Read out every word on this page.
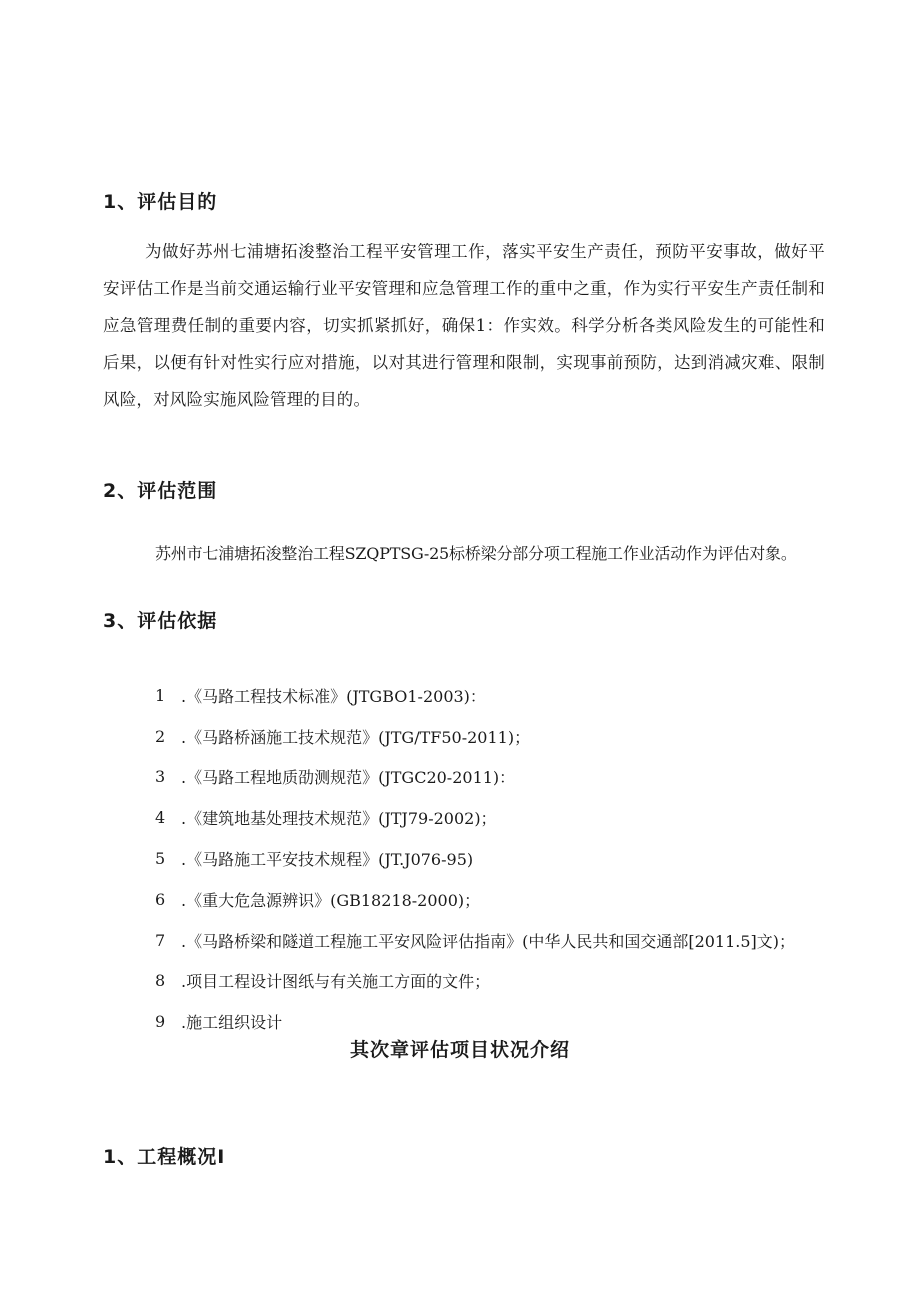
1、评估目的
为做好苏州七浦塘拓浚整治工程平安管理工作，落实平安生产责任，预防平安事故，做好平安评估工作是当前交通运输行业平安管理和应急管理工作的重中之重，作为实行平安生产责任制和应急管理费任制的重要内容，切实抓紧抓好，确保1：作实效。科学分析各类风险发生的可能性和后果，以便有针对性实行应对措施，以对其进行管理和限制，实现事前预防，达到消减灾难、限制风险，对风险实施风险管理的目的。
2、评估范围
苏州市七浦塘拓浚整治工程SZQPTSG-25标桥梁分部分项工程施工作业活动作为评估对象。
3、评估依据
1 .《马路工程技术标准》(JTGBO1-2003)：
2 .《马路桥涵施工技术规范》(JTG/TF50-2011)；
3 .《马路工程地质劭测规范》(JTGC20-2011)：
4 .《建筑地基处理技术规范》(JTJ79-2002)；
5 .《马路施工平安技术规程》(JT.J076-95)
6 .《重大危急源辨识》(GB18218-2000)；
7 .《马路桥梁和隧道工程施工平安风险评估指南》(中华人民共和国交通部[2011.5]文)；
8 .项目工程设计图纸与有关施工方面的文件；
9 .施工组织设计
其次章评估项目状况介绍
1、工程概况I
